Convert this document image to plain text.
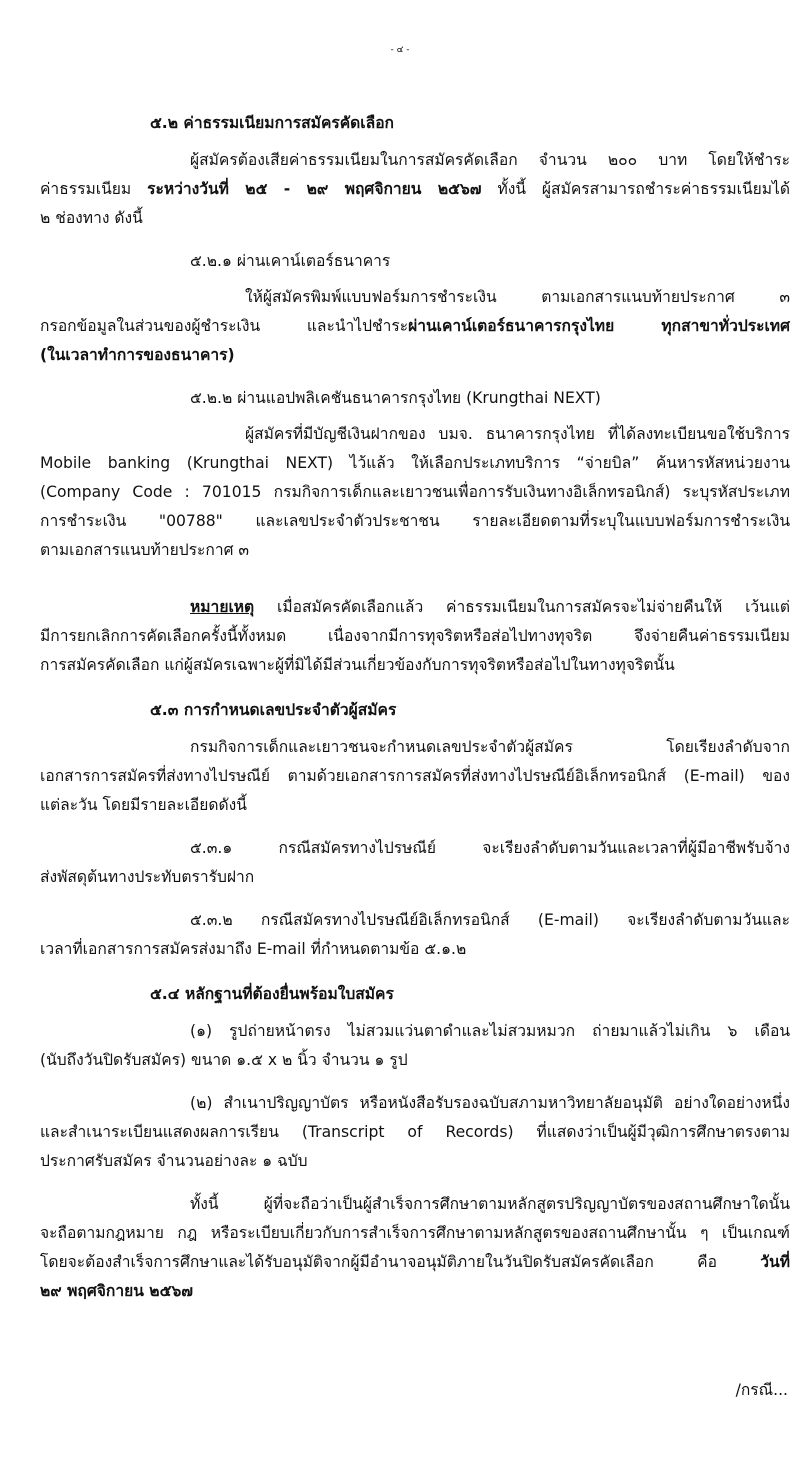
- ๔ -
๕.๒ ค่าธรรมเนียมการสมัครคัดเลือก
ผู้สมัครต้องเสียค่าธรรมเนียมในการสมัครคัดเลือก จำนวน ๒๐๐ บาท โดยให้ชำระ
ค่าธรรมเนียม ระหว่างวันที่ ๒๕ - ๒๙ พฤศจิกายน ๒๕๖๗ ทั้งนี้ ผู้สมัครสามารถชำระค่าธรรมเนียมได้
๒ ช่องทาง ดังนี้
๕.๒.๑ ผ่านเคาน์เตอร์ธนาคาร
ให้ผู้สมัครพิมพ์แบบฟอร์มการชำระเงิน ตามเอกสารแนบท้ายประกาศ ๓
กรอกข้อมูลในส่วนของผู้ชำระเงิน และนำไปชำระผ่านเคาน์เตอร์ธนาคารกรุงไทย ทุกสาขาทั่วประเทศ
(ในเวลาทำการของธนาคาร)
๕.๒.๒ ผ่านแอปพลิเคชันธนาคารกรุงไทย (Krungthai NEXT)
ผู้สมัครที่มีบัญชีเงินฝากของ บมจ. ธนาคารกรุงไทย ที่ได้ลงทะเบียนขอใช้บริการ
Mobile banking (Krungthai NEXT) ไว้แล้ว ให้เลือกประเภทบริการ “จ่ายบิล” ค้นหารหัสหน่วยงาน
(Company Code : 701015 กรมกิจการเด็กและเยาวชนเพื่อการรับเงินทางอิเล็กทรอนิกส์) ระบุรหัสประเภท
การชำระเงิน "00788" และเลขประจำตัวประชาชน รายละเอียดตามที่ระบุในแบบฟอร์มการชำระเงิน
ตามเอกสารแนบท้ายประกาศ ๓
หมายเหตุ เมื่อสมัครคัดเลือกแล้ว ค่าธรรมเนียมในการสมัครจะไม่จ่ายคืนให้ เว้นแต่
มีการยกเลิกการคัดเลือกครั้งนี้ทั้งหมด เนื่องจากมีการทุจริตหรือส่อไปทางทุจริต จึงจ่ายคืนค่าธรรมเนียม
การสมัครคัดเลือก แก่ผู้สมัครเฉพาะผู้ที่มิได้มีส่วนเกี่ยวข้องกับการทุจริตหรือส่อไปในทางทุจริตนั้น
๕.๓ การกำหนดเลขประจำตัวผู้สมัคร
กรมกิจการเด็กและเยาวชนจะกำหนดเลขประจำตัวผู้สมัคร โดยเรียงลำดับจาก
เอกสารการสมัครที่ส่งทางไปรษณีย์ ตามด้วยเอกสารการสมัครที่ส่งทางไปรษณีย์อิเล็กทรอนิกส์ (E-mail) ของ
แต่ละวัน โดยมีรายละเอียดดังนี้
๕.๓.๑ กรณีสมัครทางไปรษณีย์ จะเรียงลำดับตามวันและเวลาที่ผู้มีอาชีพรับจ้าง
ส่งพัสดุต้นทางประทับตรารับฝาก
๕.๓.๒ กรณีสมัครทางไปรษณีย์อิเล็กทรอนิกส์ (E-mail) จะเรียงลำดับตามวันและ
เวลาที่เอกสารการสมัครส่งมาถึง E-mail ที่กำหนดตามข้อ ๕.๑.๒
๕.๔ หลักฐานที่ต้องยื่นพร้อมใบสมัคร
(๑) รูปถ่ายหน้าตรง ไม่สวมแว่นตาดำและไม่สวมหมวก ถ่ายมาแล้วไม่เกิน ๖ เดือน
(นับถึงวันปิดรับสมัคร) ขนาด ๑.๕ x ๒ นิ้ว จำนวน ๑ รูป
(๒) สำเนาปริญญาบัตร หรือหนังสือรับรองฉบับสภามหาวิทยาลัยอนุมัติ อย่างใดอย่างหนึ่ง
และสำเนาระเบียนแสดงผลการเรียน (Transcript of Records) ที่แสดงว่าเป็นผู้มีวุฒิการศึกษาตรงตาม
ประกาศรับสมัคร จำนวนอย่างละ ๑ ฉบับ
ทั้งนี้ ผู้ที่จะถือว่าเป็นผู้สำเร็จการศึกษาตามหลักสูตรปริญญาบัตรของสถานศึกษาใดนั้น
จะถือตามกฎหมาย กฎ หรือระเบียบเกี่ยวกับการสำเร็จการศึกษาตามหลักสูตรของสถานศึกษานั้น ๆ เป็นเกณฑ์
โดยจะต้องสำเร็จการศึกษาและได้รับอนุมัติจากผู้มีอำนาจอนุมัติภายในวันปิดรับสมัครคัดเลือก คือ วันที่
๒๙ พฤศจิกายน ๒๕๖๗
/กรณี...
